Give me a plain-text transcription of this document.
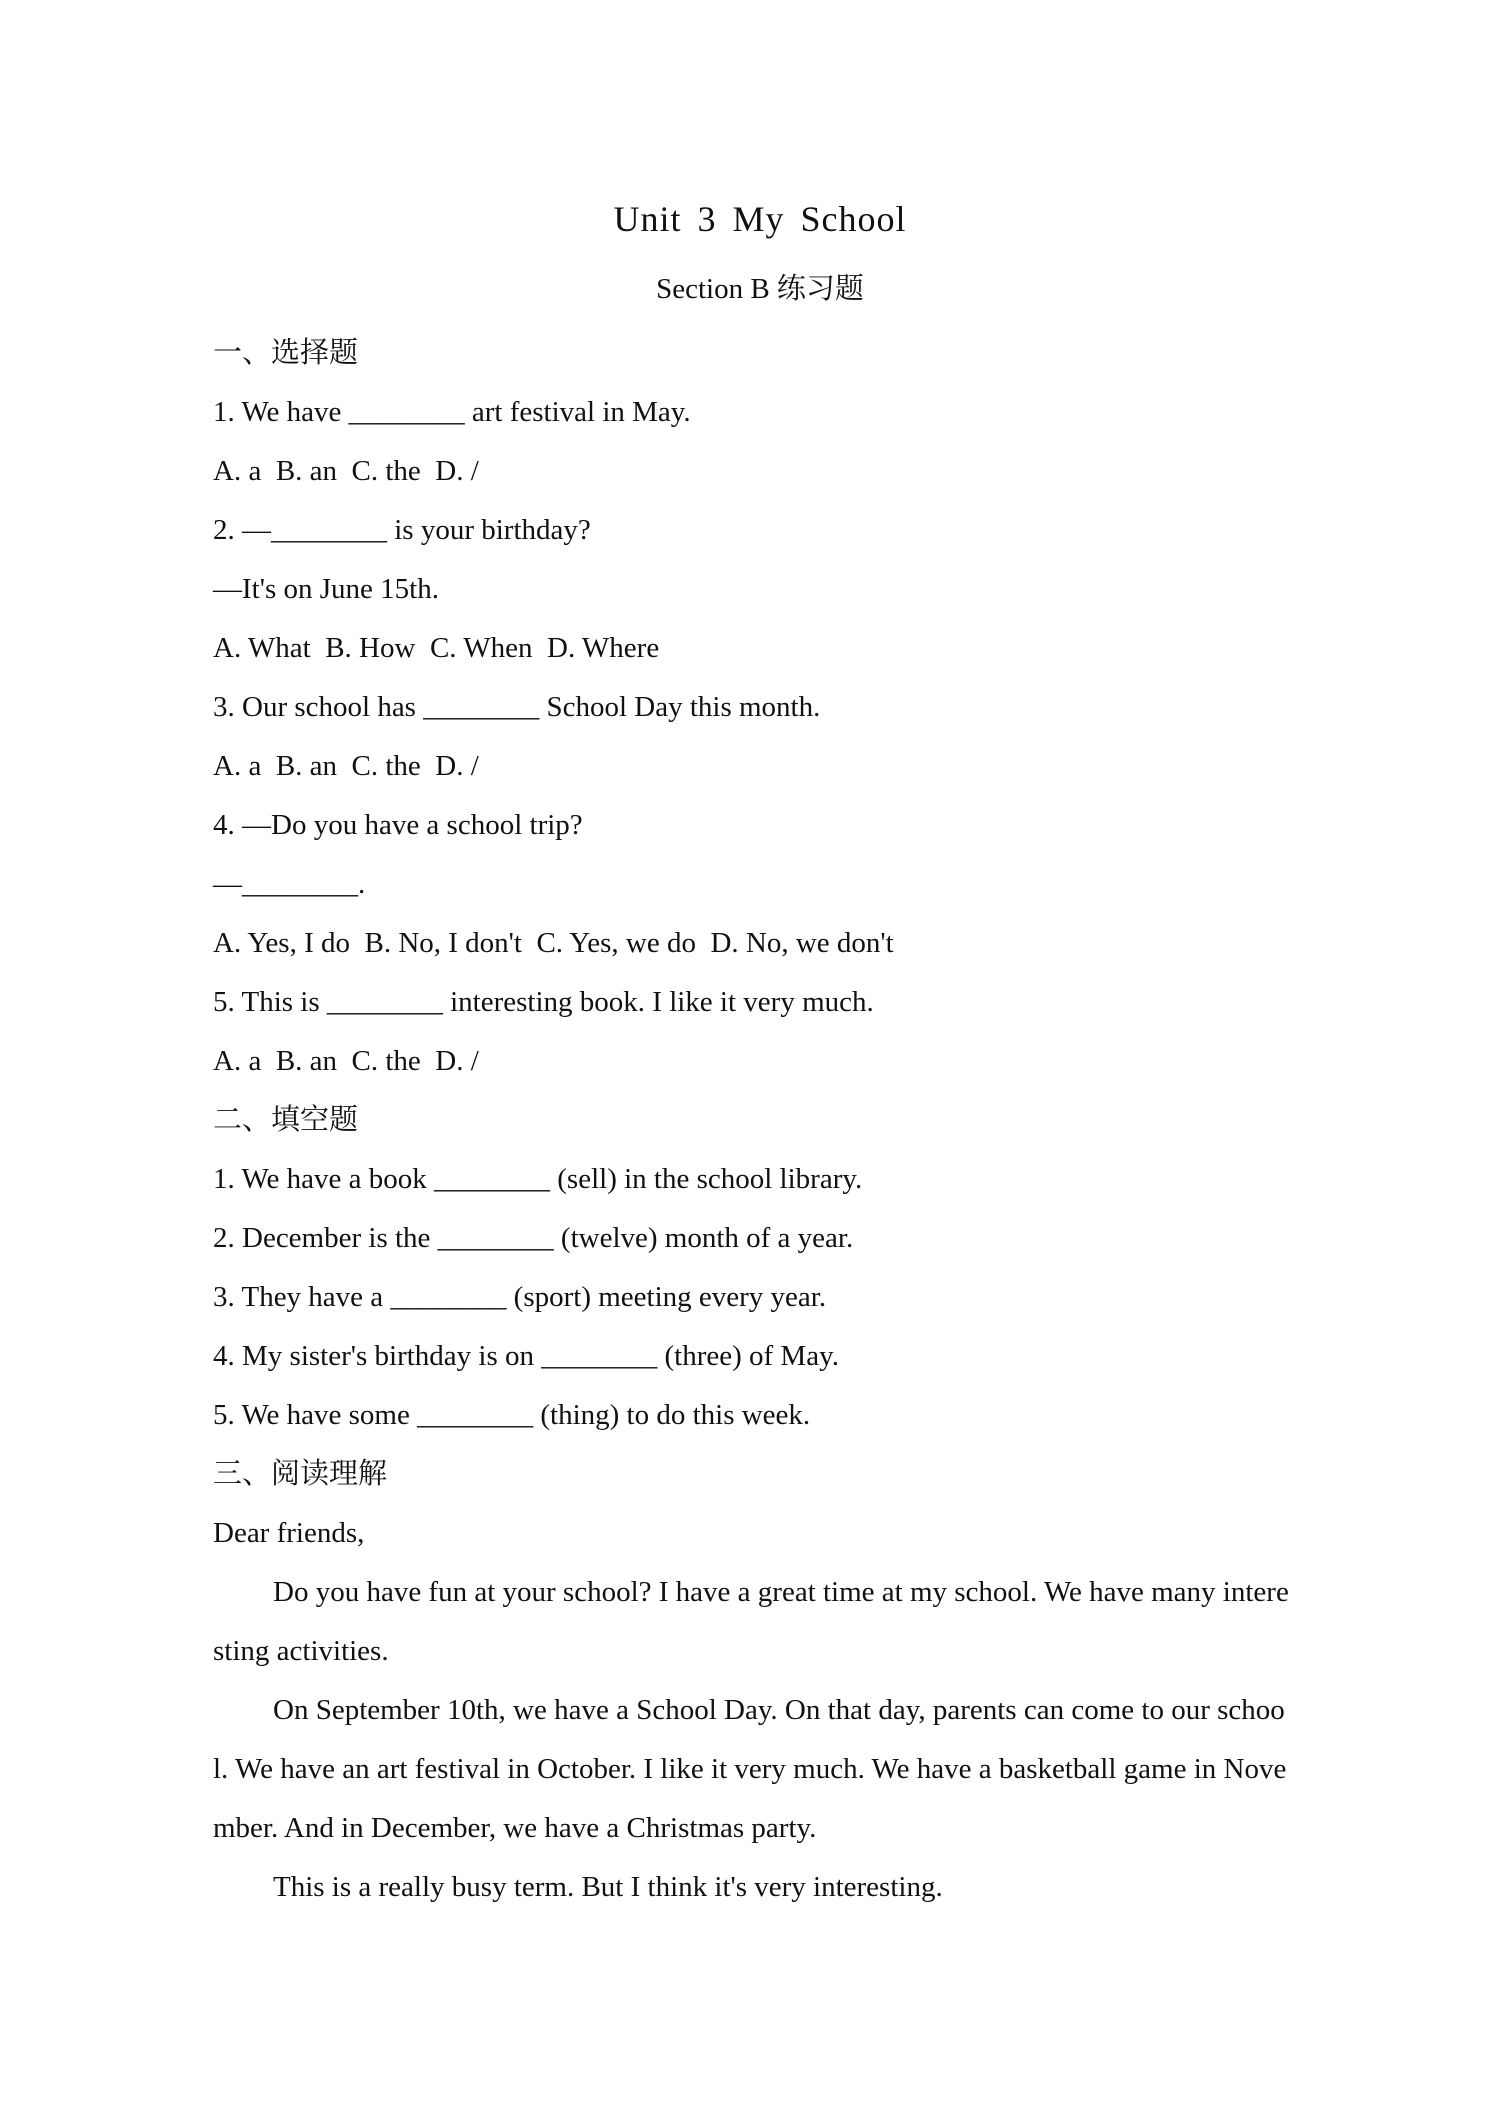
Unit 3 My School
Section B 练习题
一、选择题
1. We have ________ art festival in May.
A. a  B. an  C. the  D. /
2. —________ is your birthday?
—It's on June 15th.
A. What  B. How  C. When  D. Where
3. Our school has ________ School Day this month.
A. a  B. an  C. the  D. /
4. —Do you have a school trip?
—________.
A. Yes, I do  B. No, I don't  C. Yes, we do  D. No, we don't
5. This is ________ interesting book. I like it very much.
A. a  B. an  C. the  D. /
二、填空题
1. We have a book ________ (sell) in the school library.
2. December is the ________ (twelve) month of a year.
3. They have a ________ (sport) meeting every year.
4. My sister's birthday is on ________ (three) of May.
5. We have some ________ (thing) to do this week.
三、阅读理解
Dear friends,
Do you have fun at your school? I have a great time at my school. We have many interesting activities.
On September 10th, we have a School Day. On that day, parents can come to our school. We have an art festival in October. I like it very much. We have a basketball game in November. And in December, we have a Christmas party.
This is a really busy term. But I think it's very interesting.
